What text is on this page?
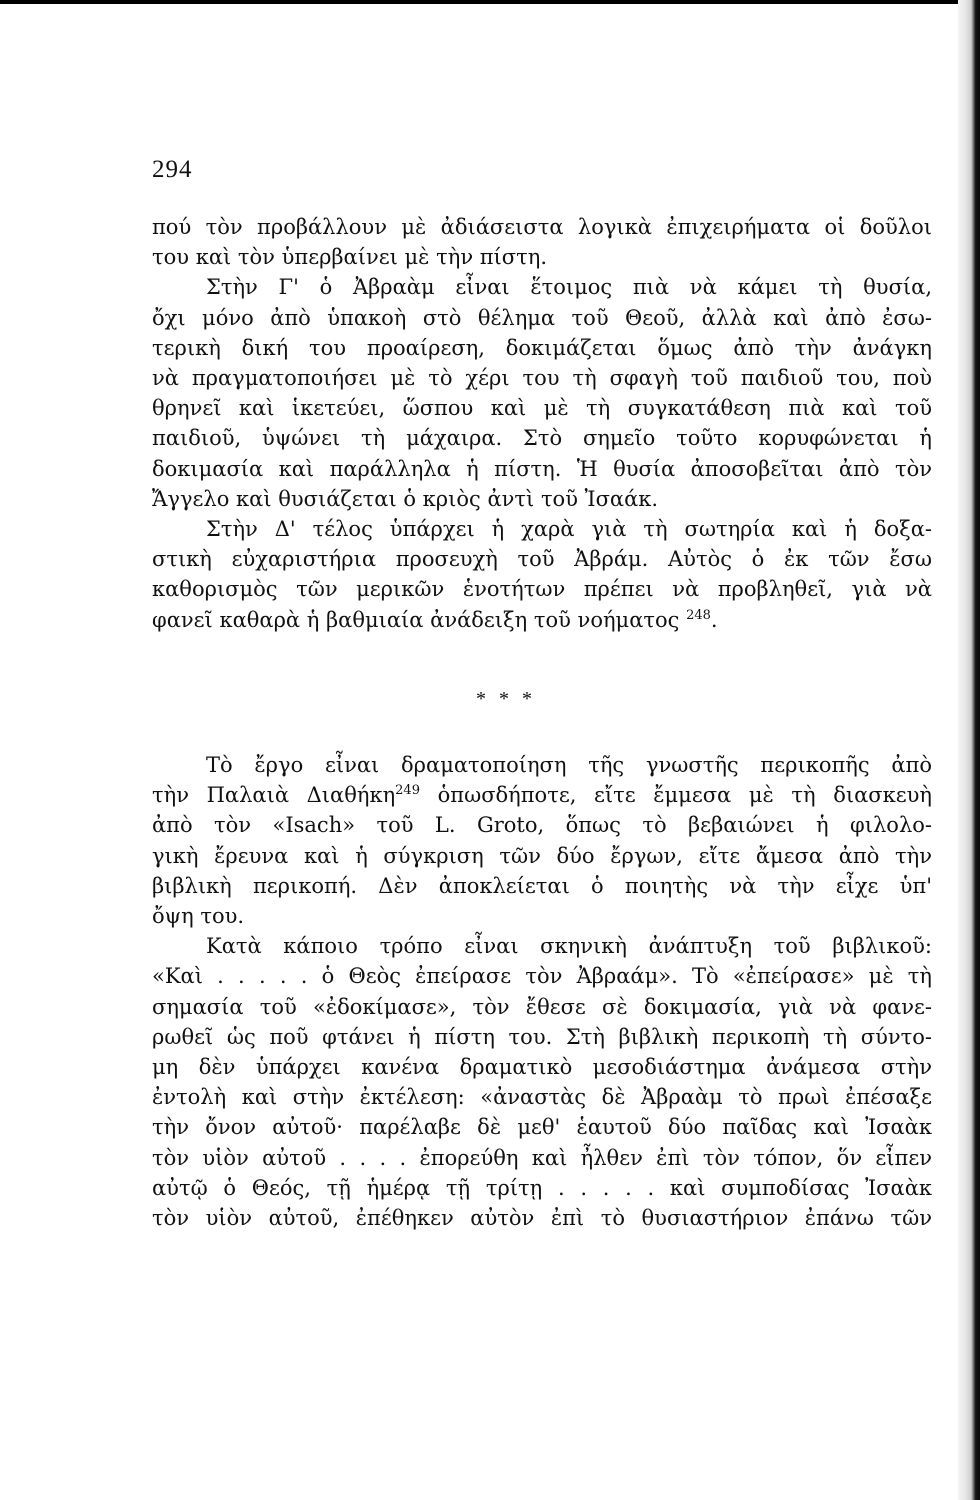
294

πού τὸν προβάλλουν μὲ ἀδιάσειστα λογικὰ ἐπιχειρήματα οἱ δοῦλοι

του καὶ τὸν ὑπερβαίνει μὲ τὴν πίστη.

Στὴν Γ' ὁ Ἀβραὰμ εἶναι ἕτοιμος πιὰ νὰ κάμει τὴ θυσία,

ὄχι μόνο ἀπὸ ὑπακοὴ στὸ θέλημα τοῦ Θεοῦ, ἀλλὰ καὶ ἀπὸ ἐσω-

τερικὴ δική του προαίρεση, δοκιμάζεται ὅμως ἀπὸ τὴν ἀνάγκη

νὰ πραγματοποιήσει μὲ τὸ χέρι του τὴ σφαγὴ τοῦ παιδιοῦ του, ποὺ

θρηνεῖ καὶ ἱκετεύει, ὥσπου καὶ μὲ τὴ συγκατάθεση πιὰ καὶ τοῦ

παιδιοῦ, ὑψώνει τὴ μάχαιρα. Στὸ σημεῖο τοῦτο κορυφώνεται ἡ

δοκιμασία καὶ παράλληλα ἡ πίστη. Ἡ θυσία ἀποσοβεῖται ἀπὸ τὸν

Ἄγγελο καὶ θυσιάζεται ὁ κριὸς ἀντὶ τοῦ Ἰσαάκ.

Στὴν Δ' τέλος ὑπάρχει ἡ χαρὰ γιὰ τὴ σωτηρία καὶ ἡ δοξα-

στικὴ εὐχαριστήρια προσευχὴ τοῦ Ἀβράμ. Αὐτὸς ὁ ἐκ τῶν ἔσω

καθορισμὸς τῶν μερικῶν ἑνοτήτων πρέπει νὰ προβληθεῖ, γιὰ νὰ

φανεῖ καθαρὰ ἡ βαθμιαία ἀνάδειξη τοῦ νοήματος $^{248}$.

* * *

Τὸ ἔργο εἶναι δραματοποίηση τῆς γνωστῆς περικοπῆς ἀπὸ

τὴν Παλαιὰ Διαθήκη$^{249}$ ὁπωσδήποτε, εἴτε ἔμμεσα μὲ τὴ διασκευὴ

ἀπὸ τὸν «Isach» τοῦ L. Groto, ὅπως τὸ βεβαιώνει ἡ φιλολο-

γικὴ ἔρευνα καὶ ἡ σύγκριση τῶν δύο ἔργων, εἴτε ἄμεσα ἀπὸ τὴν

βιβλικὴ περικοπή. Δὲν ἀποκλείεται ὁ ποιητὴς νὰ τὴν εἶχε ὑπ'

ὄψη του.

Κατὰ κάποιο τρόπο εἶναι σκηνικὴ ἀνάπτυξη τοῦ βιβλικοῦ:

«Καὶ . . . . . ὁ Θεὸς ἐπείρασε τὸν Ἀβραάμ». Τὸ «ἐπείρασε» μὲ τὴ

σημασία τοῦ «ἐδοκίμασε», τὸν ἔθεσε σὲ δοκιμασία, γιὰ νὰ φανε-

ρωθεῖ ὡς ποῦ φτάνει ἡ πίστη του. Στὴ βιβλικὴ περικοπὴ τὴ σύντο-

μη δὲν ὑπάρχει κανένα δραματικὸ μεσοδιάστημα ἀνάμεσα στὴν

ἐντολὴ καὶ στὴν ἐκτέλεση: «ἀναστὰς δὲ Ἀβραὰμ τὸ πρωὶ ἐπέσαξε

τὴν ὄνον αὐτοῦ· παρέλαβε δὲ μεθ' ἑαυτοῦ δύο παῖδας καὶ Ἰσαὰκ

τὸν υἱὸν αὐτοῦ . . . . ἐπορεύθη καὶ ἦλθεν ἐπὶ τὸν τόπον, ὅν εἶπεν

αὐτῷ ὁ Θεός, τῇ ἡμέρᾳ τῇ τρίτῃ . . . . . καὶ συμποδίσας Ἰσαὰκ

τὸν υἱὸν αὐτοῦ, ἐπέθηκεν αὐτὸν ἐπὶ τὸ θυσιαστήριον ἐπάνω τῶν
